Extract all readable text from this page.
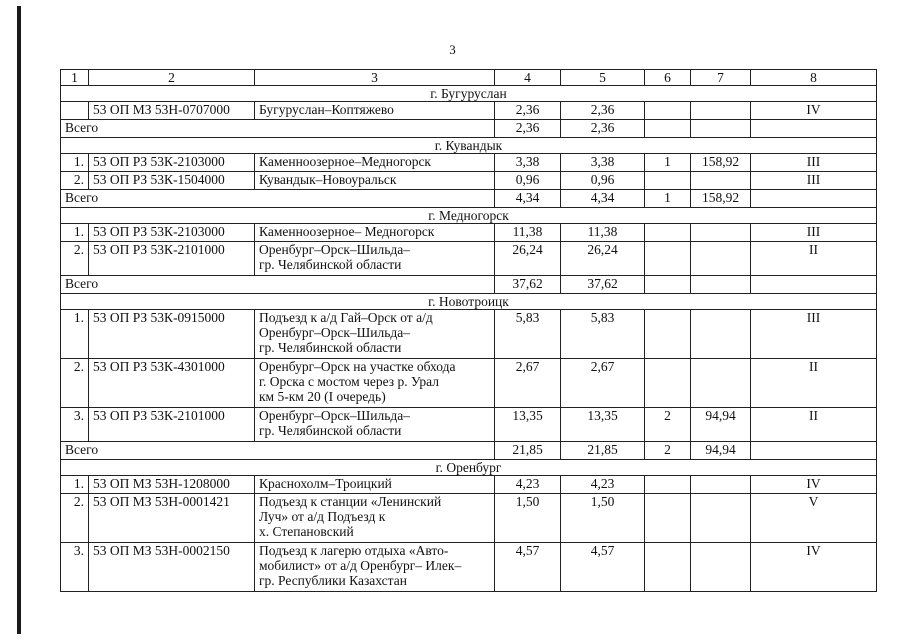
3
1	2	3	4	5	6	7	8
г. Бугуруслан							
	53 ОП МЗ 53Н-0707000	Бугуруслан–Коптяжево	2,36	2,36			IV
Всего			2,36	2,36			
г. Кувандык							
1.	53 ОП РЗ 53К-2103000	Каменноозерное–Медногорск	3,38	3,38	1	158,92	III
2.	53 ОП РЗ 53К-1504000	Кувандык–Новоуральск	0,96	0,96			III
Всего			4,34	4,34	1	158,92	
г. Медногорск							
1.	53 ОП РЗ 53К-2103000	Каменноозерное– Медногорск	11,38	11,38			III
2.	53 ОП РЗ 53К-2101000	Оренбург–Орск–Шильда–
гр. Челябинской области	26,24	26,24			II
Всего			37,62	37,62			
г. Новотроицк							
1.	53 ОП РЗ 53К-0915000	Подъезд к а/д Гай–Орск от а/д
Оренбург–Орск–Шильда–
гр. Челябинской области	5,83	5,83			III
2.	53 ОП РЗ 53К-4301000	Оренбург–Орск на участке обхода
г. Орска с мостом через р. Урал
км 5-км 20 (I очередь)	2,67	2,67			II
3.	53 ОП РЗ 53К-2101000	Оренбург–Орск–Шильда–
гр. Челябинской области	13,35	13,35	2	94,94	II
Всего			21,85	21,85	2	94,94	
г. Оренбург							
1.	53 ОП МЗ 53Н-1208000	Краснохолм–Троицкий	4,23	4,23			IV
2.	53 ОП МЗ 53Н-0001421	Подъезд к станции «Ленинский
Луч» от а/д Подъезд к
х. Степановский	1,50	1,50			V
3.	53 ОП МЗ 53Н-0002150	Подъезд к лагерю отдыха «Авто-
мобилист» от а/д Оренбург– Илек–
гр. Республики Казахстан	4,57	4,57			IV
